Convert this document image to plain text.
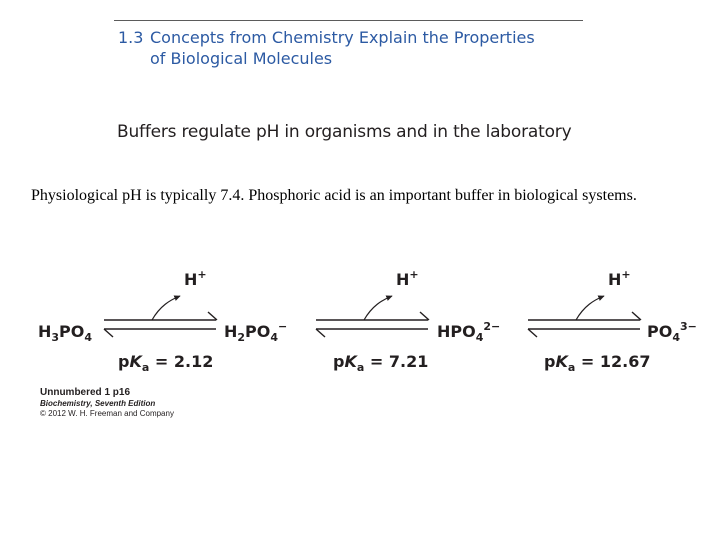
1.3 Concepts from Chemistry Explain the Properties
of Biological Molecules
Buffers regulate pH in organisms and in the laboratory
Physiological pH is typically 7.4. Phosphoric acid is an important buffer in biological systems.
H+	H+	H+
$H_3PO_4$	$H_2PO_4^-$	$HPO_4^{2-}$	$PO_4^{3-}$
$pK_a = 2.12$	$pK_a = 7.21$	$pK_a = 12.67$
Unnumbered 1 p16
Biochemistry, Seventh Edition
© 2012 W. H. Freeman and Company
